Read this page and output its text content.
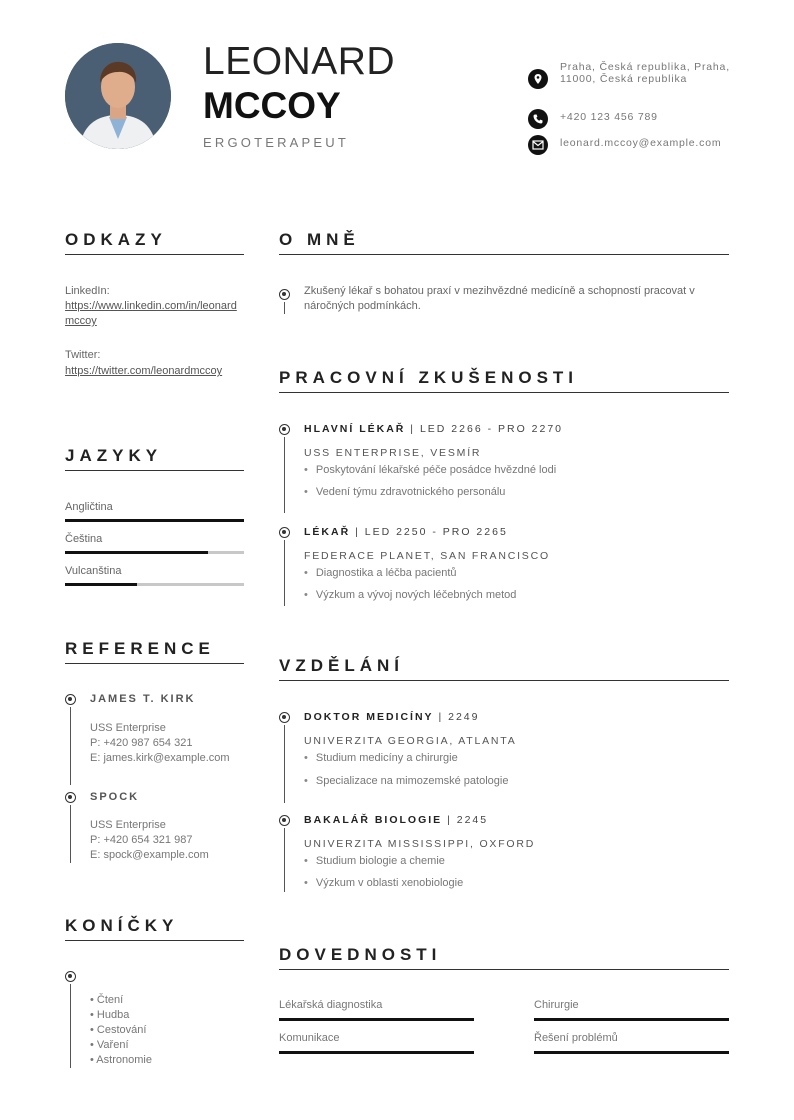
LEONARD
MCCOY
ERGOTERAPEUT
Praha, Česká republika, Praha, 11000, Česká republika
+420 123 456 789
leonard.mccoy@example.com
ODKAZY
LinkedIn:
https://www.linkedin.com/in/leonardmccoy
Twitter:
https://twitter.com/leonardmccoy
JAZYKY
Angličtina
Čeština
Vulcanština
REFERENCE
JAMES T. KIRK
USS Enterprise
P: +420 987 654 321
E: james.kirk@example.com
SPOCK
USS Enterprise
P: +420 654 321 987
E: spock@example.com
KONÍČKY
• Čtení
• Hudba
• Cestování
• Vaření
• Astronomie
O MNĚ
Zkušený lékař s bohatou praxí v mezihvězdné medicíně a schopností pracovat v náročných podmínkách.
PRACOVNÍ ZKUŠENOSTI
HLAVNÍ LÉKAŘ | LED 2266 - PRO 2270
USS ENTERPRISE, VESMÍR
• Poskytování lékařské péče posádce hvězdné lodi
• Vedení týmu zdravotnického personálu
LÉKAŘ | LED 2250 - PRO 2265
FEDERACE PLANET, SAN FRANCISCO
• Diagnostika a léčba pacientů
• Výzkum a vývoj nových léčebných metod
VZDĚLÁNÍ
DOKTOR MEDICÍNY | 2249
UNIVERZITA GEORGIA, ATLANTA
• Studium medicíny a chirurgie
• Specializace na mimozemské patologie
BAKALÁŘ BIOLOGIE | 2245
UNIVERZITA MISSISSIPPI, OXFORD
• Studium biologie a chemie
• Výzkum v oblasti xenobiologie
DOVEDNOSTI
Lékařská diagnostika	Chirurgie
Komunikace	Řešení problémů
